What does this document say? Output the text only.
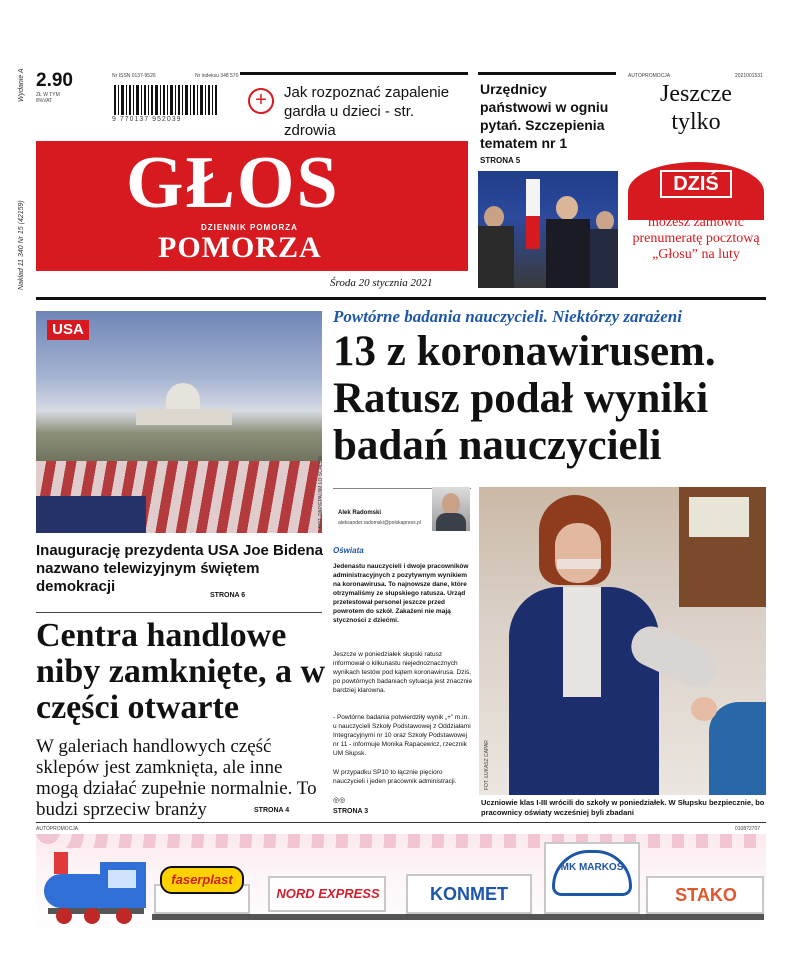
Wydanie A
Nakład 11 340 Nr 15 (42159)
2.90
ZŁ W TYM 8%VAT
Nr ISSN 0137-9526	Nr indeksu 348 570
9 770137 952039
+	Jak rozpoznać zapalenie gardła u dzieci - str. zdrowia
GŁOS
DZIENNIK POMORZA
POMORZA
Środa 20 stycznia 2021
Urzędnicy państwowi w ogniu pytań. Szczepienia tematem nr 1
STRONA 5
AUTOPROMOCJA	2021001531
Jeszcze
tylko
DZIŚ
możesz zamówić prenumeratę pocztową „Głosu” na luty
USA
FOT. PAP/EPA/JIM LO SCALZO
Inaugurację prezydenta USA Joe Bidena nazwano telewizyjnym świętem demokracji
STRONA 6
Centra handlowe niby zamknięte, a w części otwarte
W galeriach handlowych część sklepów jest zamknięta, ale inne mogą działać zupełnie normalnie. To budzi sprzeciw branży	STRONA 4
Powtórne badania nauczycieli. Niektórzy zarażeni
13 z koronawirusem. Ratusz podał wyniki badań nauczycieli
Alek Radomski
aleksander.radomski@polskapress.pl
Oświata
Jedenastu nauczycieli i dwoje pracowników administracyjnych z pozytywnym wynikiem na koronawirusa. To najnowsze dane, które otrzymaliśmy ze słupskiego ratusza. Urząd przetestował personel jeszcze przed powrotem do szkół. Zakażeni nie mają styczności z dziećmi.
Jeszcze w poniedziałek słupski ratusz informował o kilkunastu niejednoznacznych wynikach testów pod kątem koronawirusa. Dziś, po powtórnych badaniach sytuacja jest znacznie bardziej klarowna.
- Powtórne badania potwierdziły wynik „+” m.in. u nauczycieli Szkoły Podstawowej z Oddziałami Integracyjnymi nr 10 oraz Szkoły Podstawowej nr 11 - informuje Monika Rapacewicz, rzecznik UM Słupsk.
W przypadku SP10 to łącznie pięciorо nauczycieli i jeden pracownik administracji.
◎◎
STRONA 3
FOT. ŁUKASZ CAPAR
Uczniowie klas I-III wrócili do szkoły w poniedziałek. W Słupsku bezpiecznie, bo pracownicy oświaty wcześniej byli zbadani
AUTOPROMOCJA	0108?2707
faserplast
NORD EXPRESS	KONMET
MK MARKOS
STAKO
